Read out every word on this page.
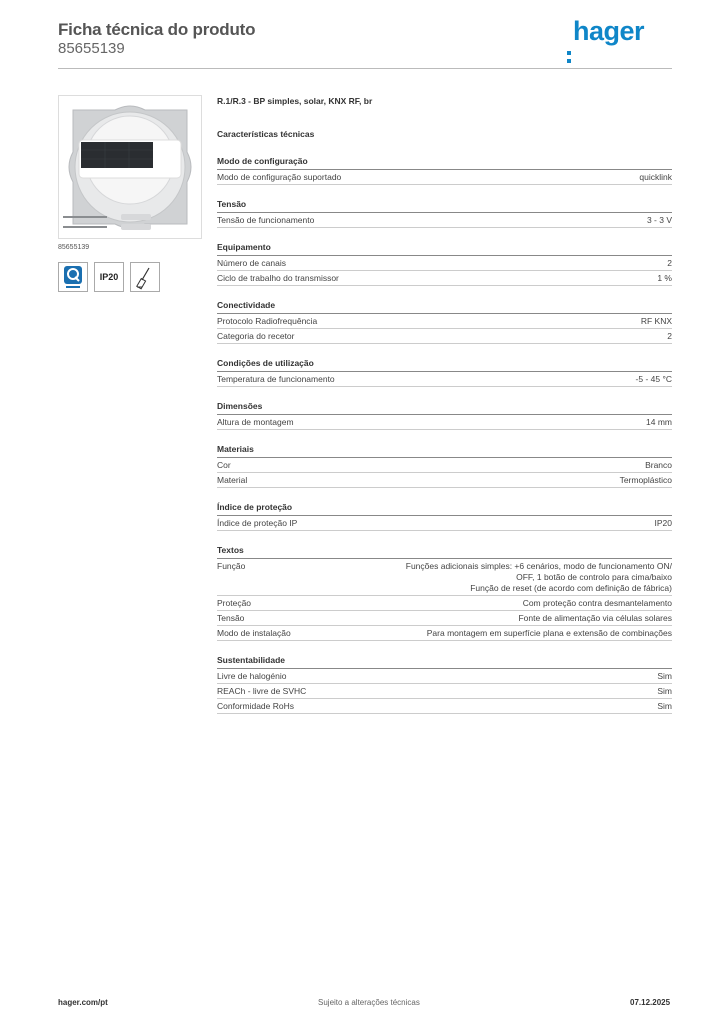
Ficha técnica do produto
85655139
hager
85655139
IP20
R.1/R.3 - BP simples, solar, KNX RF, br
Características técnicas
Modo de configuração
Modo de configuração suportado	quicklink
Tensão
Tensão de funcionamento	3 - 3 V
Equipamento
Número de canais	2
Ciclo de trabalho do transmissor	1 %
Conectividade
Protocolo Radiofrequência	RF KNX
Categoria do recetor	2
Condições de utilização
Temperatura de funcionamento	-5 - 45 °C
Dimensões
Altura de montagem	14 mm
Materiais
Cor	Branco
Material	Termoplástico
Índice de proteção
Índice de proteção IP	IP20
Textos
Função	Funções adicionais simples: +6 cenários, modo de funcionamento ON/
OFF, 1 botão de controlo para cima/baixo
Função de reset (de acordo com definição de fábrica)
Proteção	Com proteção contra desmantelamento
Tensão	Fonte de alimentação via células solares
Modo de instalação	Para montagem em superfície plana e extensão de combinações
Sustentabilidade
Livre de halogénio	Sim
REACh - livre de SVHC	Sim
Conformidade RoHs	Sim
hager.com/pt	Sujeito a alterações técnicas	07.12.2025
